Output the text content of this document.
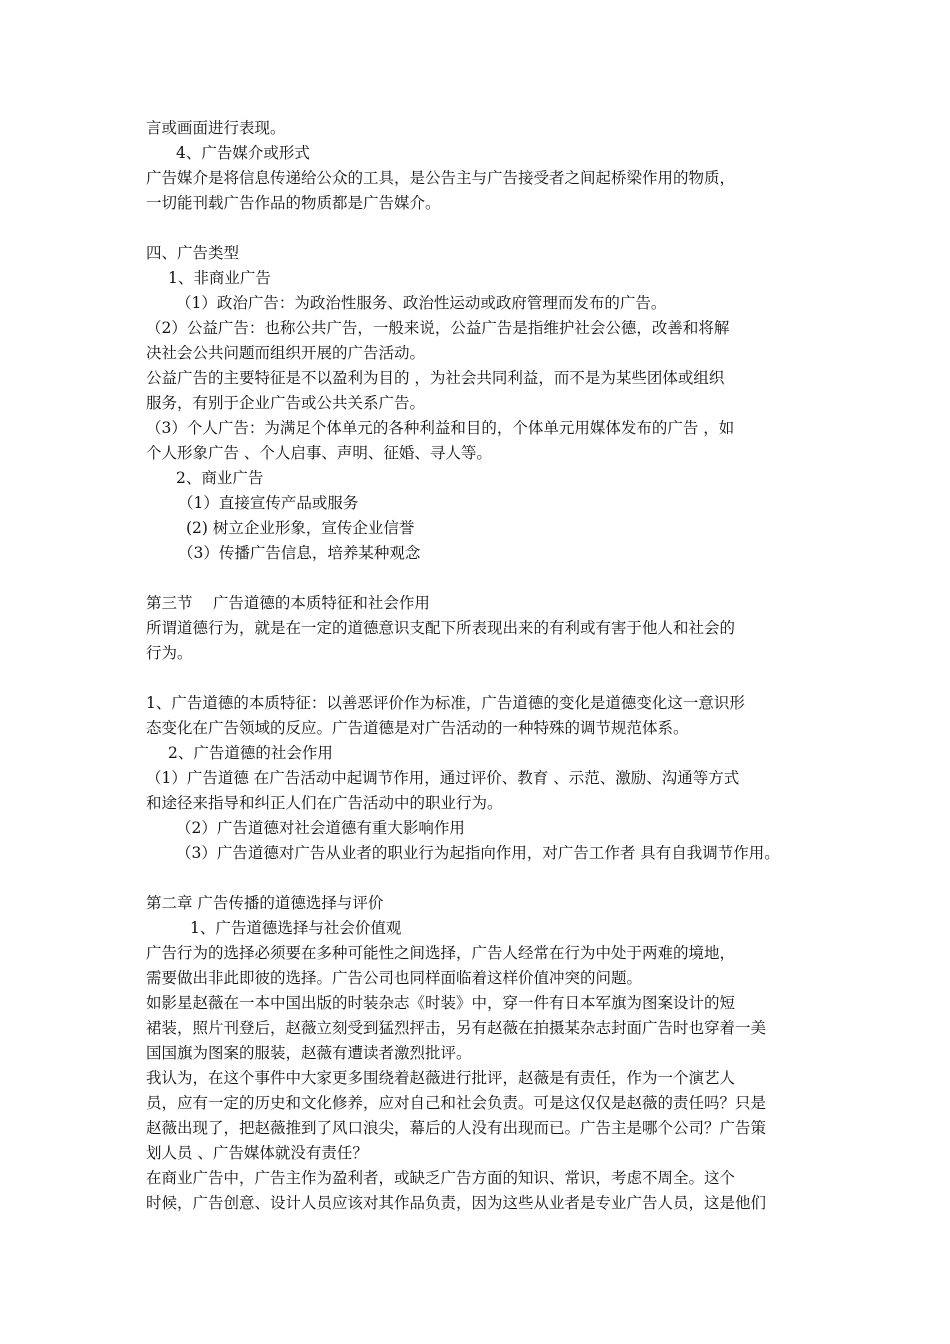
言或画面进行表现。
4、广告媒介或形式
广告媒介是将信息传递给公众的工具，是公告主与广告接受者之间起桥梁作用的物质，
一切能刊载广告作品的物质都是广告媒介。
四、广告类型
1、非商业广告
（1）政治广告：为政治性服务、政治性运动或政府管理而发布的广告。
（2）公益广告：也称公共广告，一般来说，公益广告是指维护社会公德，改善和将解
决社会公共问题而组织开展的广告活动。
公益广告的主要特征是不以盈利为目的 ，为社会共同利益，而不是为某些团体或组织
服务，有别于企业广告或公共关系广告。
（3）个人广告：为满足个体单元的各种利益和目的，个体单元用媒体发布的广告 ，如
个人形象广告 、个人启事、声明、征婚、寻人等。
2、商业广告
（1）直接宣传产品或服务
(2) 树立企业形象，宣传企业信誉
（3）传播广告信息，培养某种观念
第三节　 广告道德的本质特征和社会作用
所谓道德行为，就是在一定的道德意识支配下所表现出来的有利或有害于他人和社会的
行为。
1、广告道德的本质特征：以善恶评价作为标准，广告道德的变化是道德变化这一意识形
态变化在广告领域的反应。广告道德是对广告活动的一种特殊的调节规范体系。
2、广告道德的社会作用
（1）广告道德 在广告活动中起调节作用，通过评价、教育 、示范、激励、沟通等方式
和途径来指导和纠正人们在广告活动中的职业行为。
（2）广告道德对社会道德有重大影响作用
（3）广告道德对广告从业者的职业行为起指向作用，对广告工作者 具有自我调节作用。
第二章 广告传播的道德选择与评价
1、广告道德选择与社会价值观
广告行为的选择必须要在多种可能性之间选择，广告人经常在行为中处于两难的境地，
需要做出非此即彼的选择。广告公司也同样面临着这样价值冲突的问题。
如影星赵薇在一本中国出版的时装杂志《时装》中，穿一件有日本军旗为图案设计的短
裙装，照片刊登后，赵薇立刻受到猛烈抨击，另有赵薇在拍摄某杂志封面广告时也穿着一美
国国旗为图案的服装，赵薇有遭读者激烈批评。
我认为，在这个事件中大家更多围绕着赵薇进行批评，赵薇是有责任，作为一个演艺人
员，应有一定的历史和文化修养，应对自己和社会负责。可是这仅仅是赵薇的责任吗？只是
赵薇出现了，把赵薇推到了风口浪尖，幕后的人没有出现而已。广告主是哪个公司？广告策
划人员 、广告媒体就没有责任？
在商业广告中，广告主作为盈利者，或缺乏广告方面的知识、常识，考虑不周全。这个
时候，广告创意、设计人员应该对其作品负责，因为这些从业者是专业广告人员，这是他们
